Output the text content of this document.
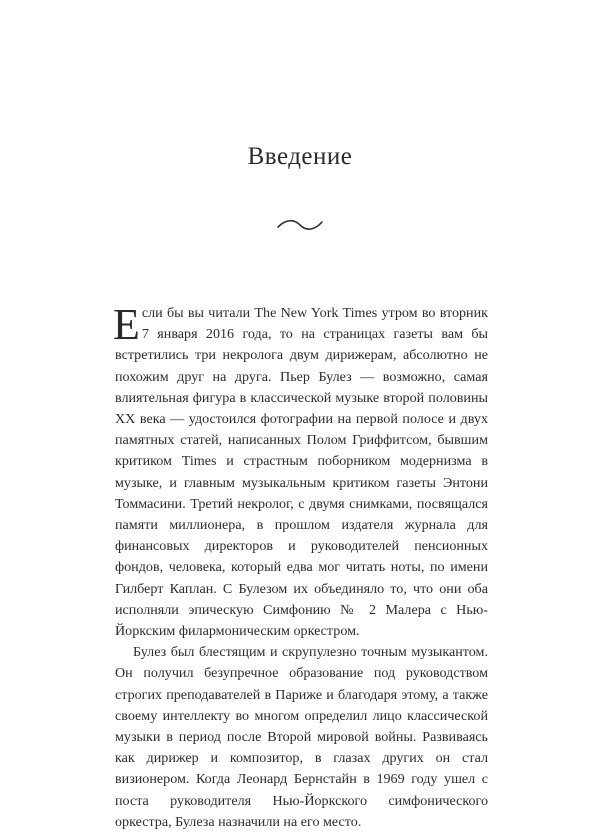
Введение

Если бы вы читали The New York Times утром во вторник 7 января 2016 года, то на страницах газеты вам бы встретились три некролога двум дирижерам, абсолютно не похожим друг на друга. Пьер Булез — возможно, самая влиятельная фигура в классической музыке второй половины XX века — удостоился фотографии на первой полосе и двух памятных статей, написанных Полом Гриффитсом, бывшим критиком Times и страстным поборником модернизма в музыке, и главным музыкальным критиком газеты Энтони Томмасини. Третий некролог, с двумя снимками, посвящался памяти миллионера, в прошлом издателя журнала для финансовых директоров и руководителей пенсионных фондов, человека, который едва мог читать ноты, по имени Гилберт Каплан. С Булезом их объединяло то, что они оба исполняли эпическую Симфонию № 2 Малера с Нью-Йоркским филармоническим оркестром.

Булез был блестящим и скрупулезно точным музыкантом. Он получил безупречное образование под руководством строгих преподавателей в Париже и благодаря этому, а также своему интеллекту во многом определил лицо классической музыки в период после Второй мировой войны. Развиваясь как дирижер и композитор, в глазах других он стал визионером. Когда Леонард Бернстайн в 1969 году ушел с поста руководителя Нью-Йоркского симфонического оркестра, Булеза назначили на его место.
